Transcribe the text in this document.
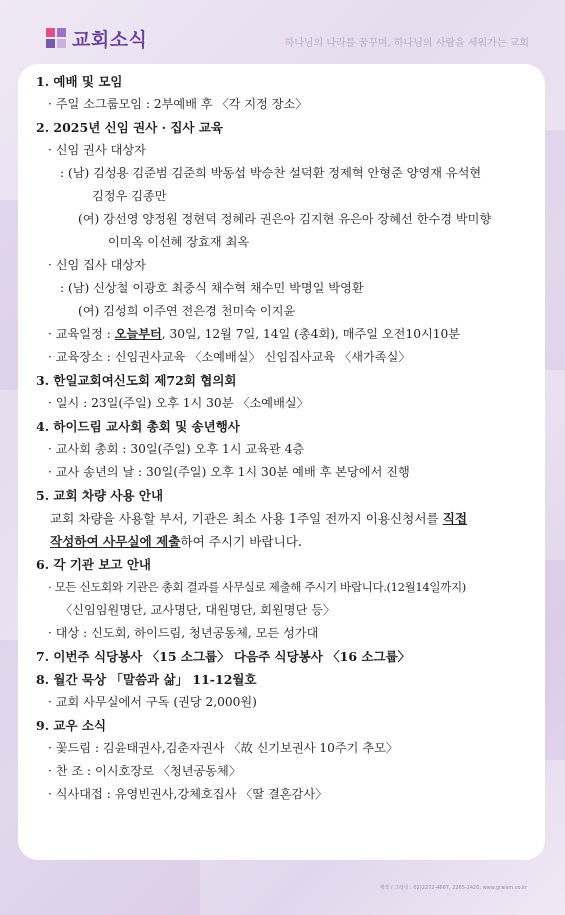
교회소식	하나님의 나라를 꿈꾸며, 하나님의 사람을 세워가는 교회
1. 예배 및 모임
· 주일 소그룹모임 : 2부예배 후 〈각 지정 장소〉
2. 2025년 신임 권사 · 집사 교육
· 신임 권사 대상자
: (남) 김성용 김준범 김준희 박동섭 박승찬 설덕환 정제혁 안형준 양영재 유석현
김정우 김종만
(여) 강선영 양정원 정현덕 정혜라 권은아 김지현 유은아 장혜선 한수경 박미향
이미옥 이선혜 장효재 최옥
· 신임 집사 대상자
: (남) 신상철 이광호 최중식 채수혁 채수민 박명일 박영환
(여) 김성희 이주연 전은경 천미숙 이지윤
· 교육일정 : 오늘부터, 30일, 12월 7일, 14일 (총4회), 매주일 오전10시10분
· 교육장소 : 신임권사교육 〈소예배실〉 신임집사교육 〈새가족실〉
3. 한일교회여신도회 제72회 협의회
· 일시 : 23일(주일) 오후 1시 30분 〈소예배실〉
4. 하이드림 교사회 총회 및 송년행사
· 교사회 총회 : 30일(주일) 오후 1시 교육관 4층
· 교사 송년의 날 : 30일(주일) 오후 1시 30분 예배 후 본당에서 진행
5. 교회 차량 사용 안내
교회 차량을 사용할 부서, 기관은 최소 사용 1주일 전까지 이용신청서를 직접
작성하여 사무실에 제출하여 주시기 바랍니다.
6. 각 기관 보고 안내
· 모든 신도회와 기관은 총회 결과를 사무실로 제출해 주시기 바랍니다.(12월14일까지)
〈신임임원명단, 교사명단, 대원명단, 회원명단 등〉
· 대상 : 신도회, 하이드림, 청년공동체, 모든 성가대
7. 이번주 식당봉사 〈15 소그룹〉 다음주 식당봉사 〈16 소그룹〉
8. 월간 묵상 「말씀과 삶」 11-12월호
· 교회 사무실에서 구독 (권당 2,000원)
9. 교우 소식
· 꽃드림 : 김윤태권사,김춘자권사 〈故 신기보권사 10주기 추모〉
· 찬 조 : 이시호장로 〈청년공동체〉
· 식사대접 : 유영빈권사,강체호집사 〈딸 결혼감사〉
제작 / 그레잇 : 02)2272-4667, 2265-2420, www.graism.co.kr
